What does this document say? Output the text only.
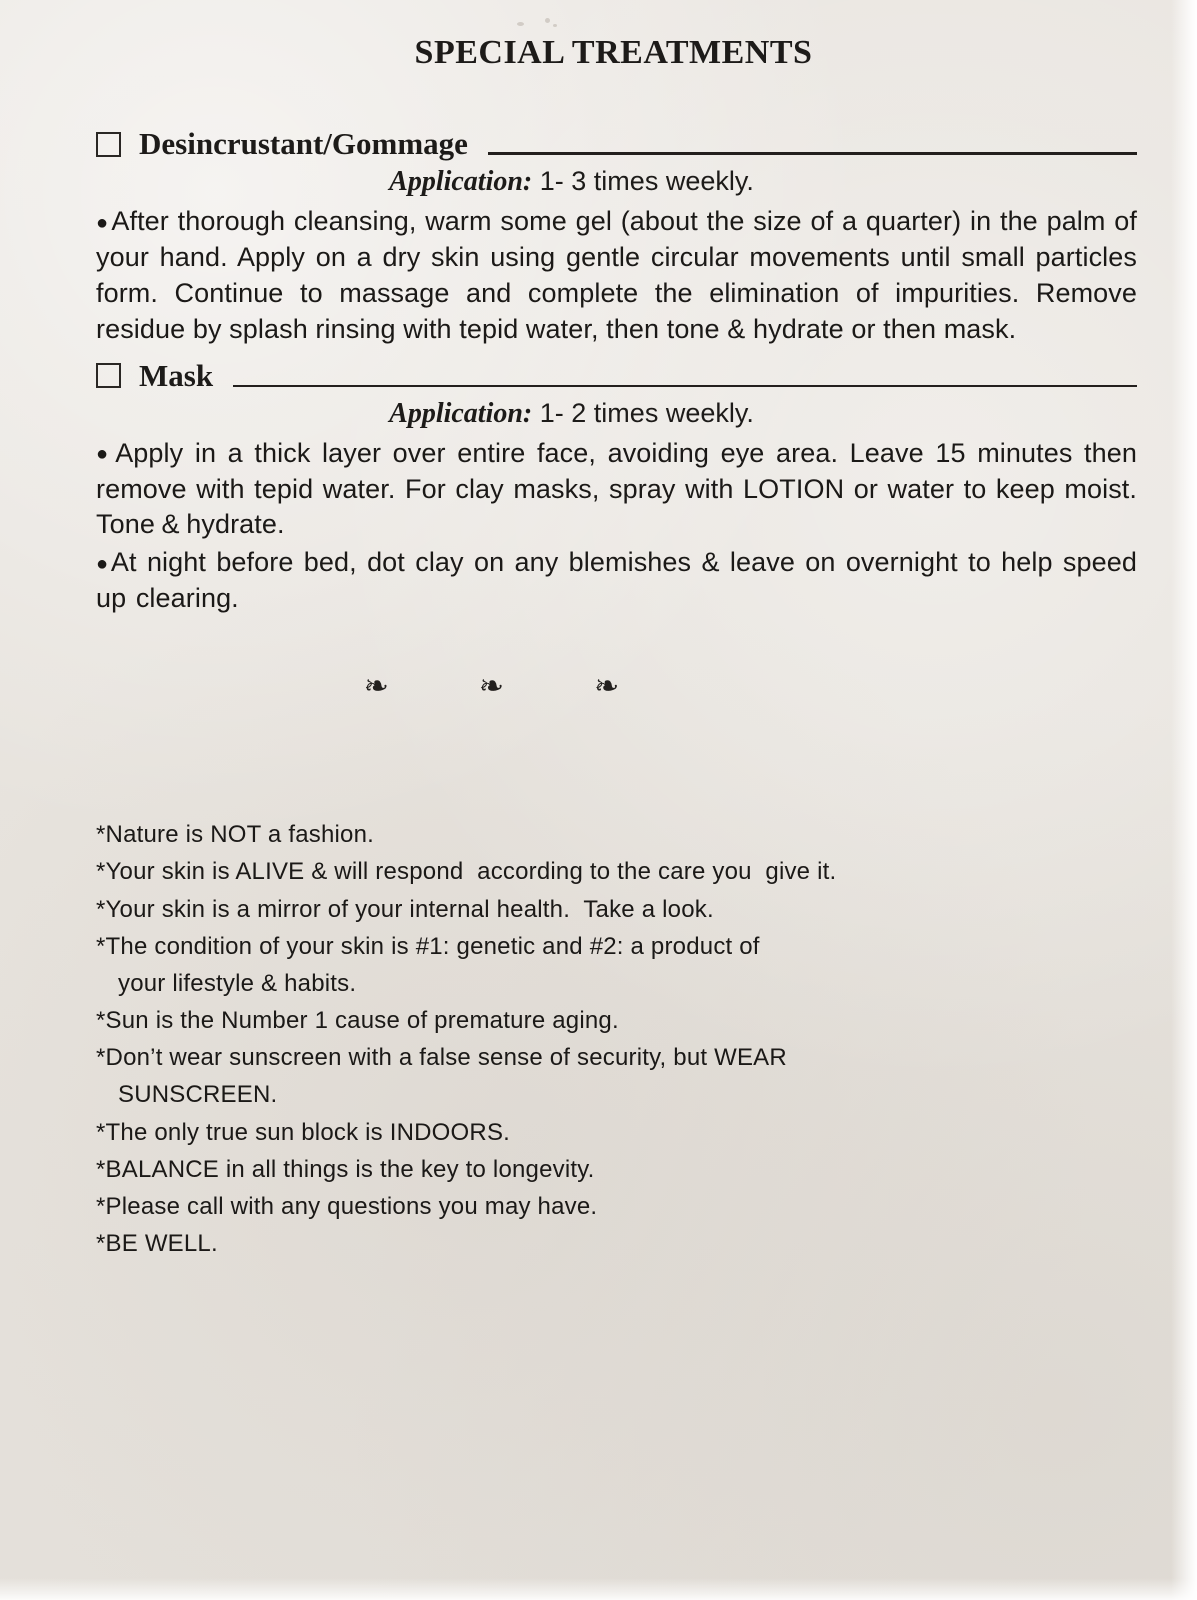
SPECIAL TREATMENTS
Desincrustant/Gommage
Application: 1- 3 times weekly.

●After thorough cleansing, warm some gel (about the size of a quarter) in the palm of your hand. Apply on a dry skin using gentle circular movements until small particles form. Continue to massage and complete the elimination of impurities. Remove residue by splash rinsing with tepid water, then tone & hydrate or then mask.

Mask
Application: 1- 2 times weekly.

●Apply in a thick layer over entire face, avoiding eye area. Leave 15 minutes then remove with tepid water. For clay masks, spray with LOTION or water to keep moist. Tone & hydrate.

●At night before bed, dot clay on any blemishes & leave on overnight to help speed up clearing.

❧❧❧
*Nature is NOT a fashion.
*Your skin is ALIVE & will respond  according to the care you  give it.
*Your skin is a mirror of your internal health.  Take a look.
*The condition of your skin is #1: genetic and #2: a product of
your lifestyle & habits.
*Sun is the Number 1 cause of premature aging.
*Don’t wear sunscreen with a false sense of security, but WEAR
SUNSCREEN.
*The only true sun block is INDOORS.
*BALANCE in all things is the key to longevity.
*Please call with any questions you may have.
*BE WELL.
